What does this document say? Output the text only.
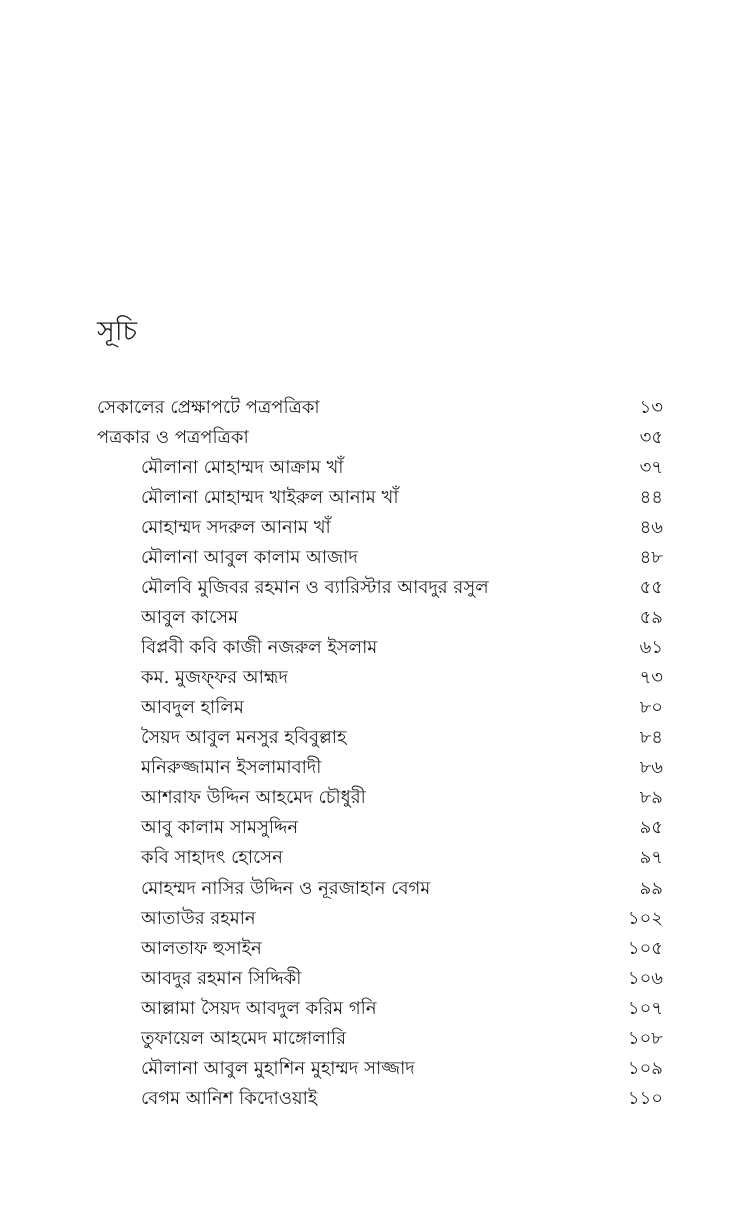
সূচি
সেকালের প্রেক্ষাপটে পত্রপত্রিকা	১৩
পত্রকার ও পত্রপত্রিকা	৩৫
মৌলানা মোহাম্মদ আক্রাম খাঁ	৩৭
মৌলানা মোহাম্মদ খাইরুল আনাম খাঁ	৪৪
মোহাম্মদ সদরুল আনাম খাঁ	৪৬
মৌলানা আবুল কালাম আজাদ	৪৮
মৌলবি মুজিবর রহমান ও ব্যারিস্টার আবদুর রসুল	৫৫
আবুল কাসেম	৫৯
বিপ্লবী কবি কাজী নজরুল ইসলাম	৬১
কম. মুজফ্ফর আহ্মদ	৭৩
আবদুল হালিম	৮০
সৈয়দ আবুল মনসুর হবিবুল্লাহ	৮৪
মনিরুজ্জামান ইসলামাবাদী	৮৬
আশরাফ উদ্দিন আহমেদ চৌধুরী	৮৯
আবু কালাম সামসুদ্দিন	৯৫
কবি সাহাদৎ হোসেন	৯৭
মোহম্মদ নাসির উদ্দিন ও নূরজাহান বেগম	৯৯
আতাউর রহমান	১০২
আলতাফ হুসাইন	১০৫
আবদুর রহমান সিদ্দিকী	১০৬
আল্লামা সৈয়দ আবদুল করিম গনি	১০৭
তুফায়েল আহমেদ মাঙ্গোলারি	১০৮
মৌলানা আবুল মুহাশিন মুহাম্মদ সাজ্জাদ	১০৯
বেগম আনিশ কিদোওয়াই	১১০
